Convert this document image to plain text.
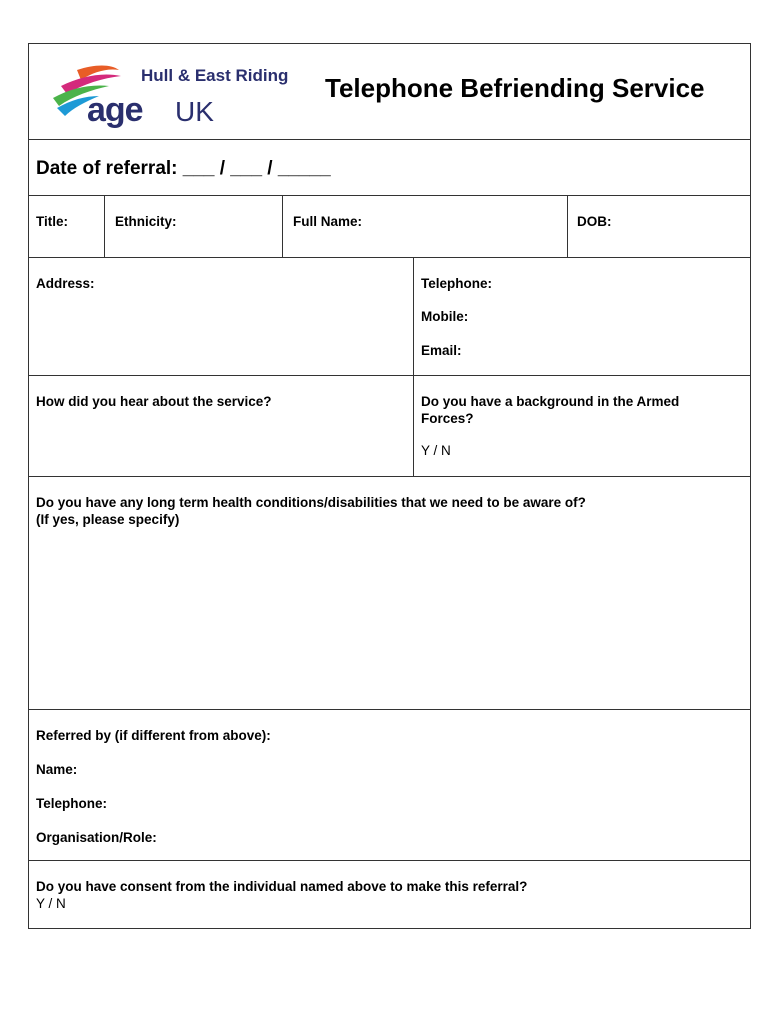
Hull & East Riding
age UK
Telephone Befriending Service
Date of referral: ___ / ___ / _____
Title:	Ethnicity:	Full Name:	DOB:
Address:	Telephone:
Mobile:
Email:
How did you hear about the service?	Do you have a background in the Armed
Forces?
Y / N
Do you have any long term health conditions/disabilities that we need to be aware of?
(If yes, please specify)
Referred by (if different from above):
Name:
Telephone:
Organisation/Role:
Do you have consent from the individual named above to make this referral?
Y / N
